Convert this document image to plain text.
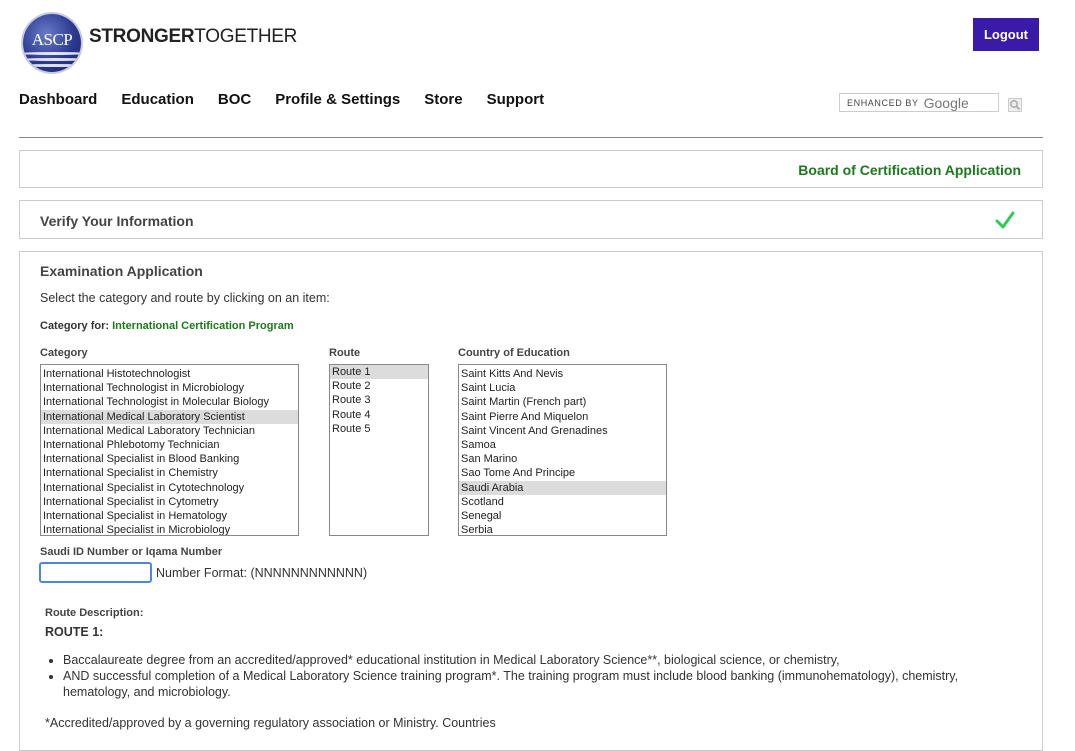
ASCP STRONGERTOGETHER	Logout
Dashboard Education BOC Profile & Settings Store Support	ENHANCED BY Google
Board of Certification Application
Verify Your Information
Examination Application
Select the category and route by clicking on an item:
Category for: International Certification Program
Category	Route	Country of Education
International Histotechnologist
International Technologist in Microbiology
International Technologist in Molecular Biology
International Medical Laboratory Scientist
International Medical Laboratory Technician
International Phlebotomy Technician
International Specialist in Blood Banking
International Specialist in Chemistry
International Specialist in Cytotechnology
International Specialist in Cytometry
International Specialist in Hematology
International Specialist in Microbiology
Route 1
Route 2
Route 3
Route 4
Route 5
Saint Kitts And Nevis
Saint Lucia
Saint Martin (French part)
Saint Pierre And Miquelon
Saint Vincent And Grenadines
Samoa
San Marino
Sao Tome And Principe
Saudi Arabia
Scotland
Senegal
Serbia
Saudi ID Number or Iqama Number
Number Format: (NNNNNNNNNNNN)
Route Description:
ROUTE 1:
• Baccalaureate degree from an accredited/approved* educational institution in Medical Laboratory Science**, biological science, or chemistry,
• AND successful completion of a Medical Laboratory Science training program*. The training program must include blood banking (immunohematology), chemistry, hematology, and microbiology.
*Accredited/approved by a governing regulatory association or Ministry. Countries
